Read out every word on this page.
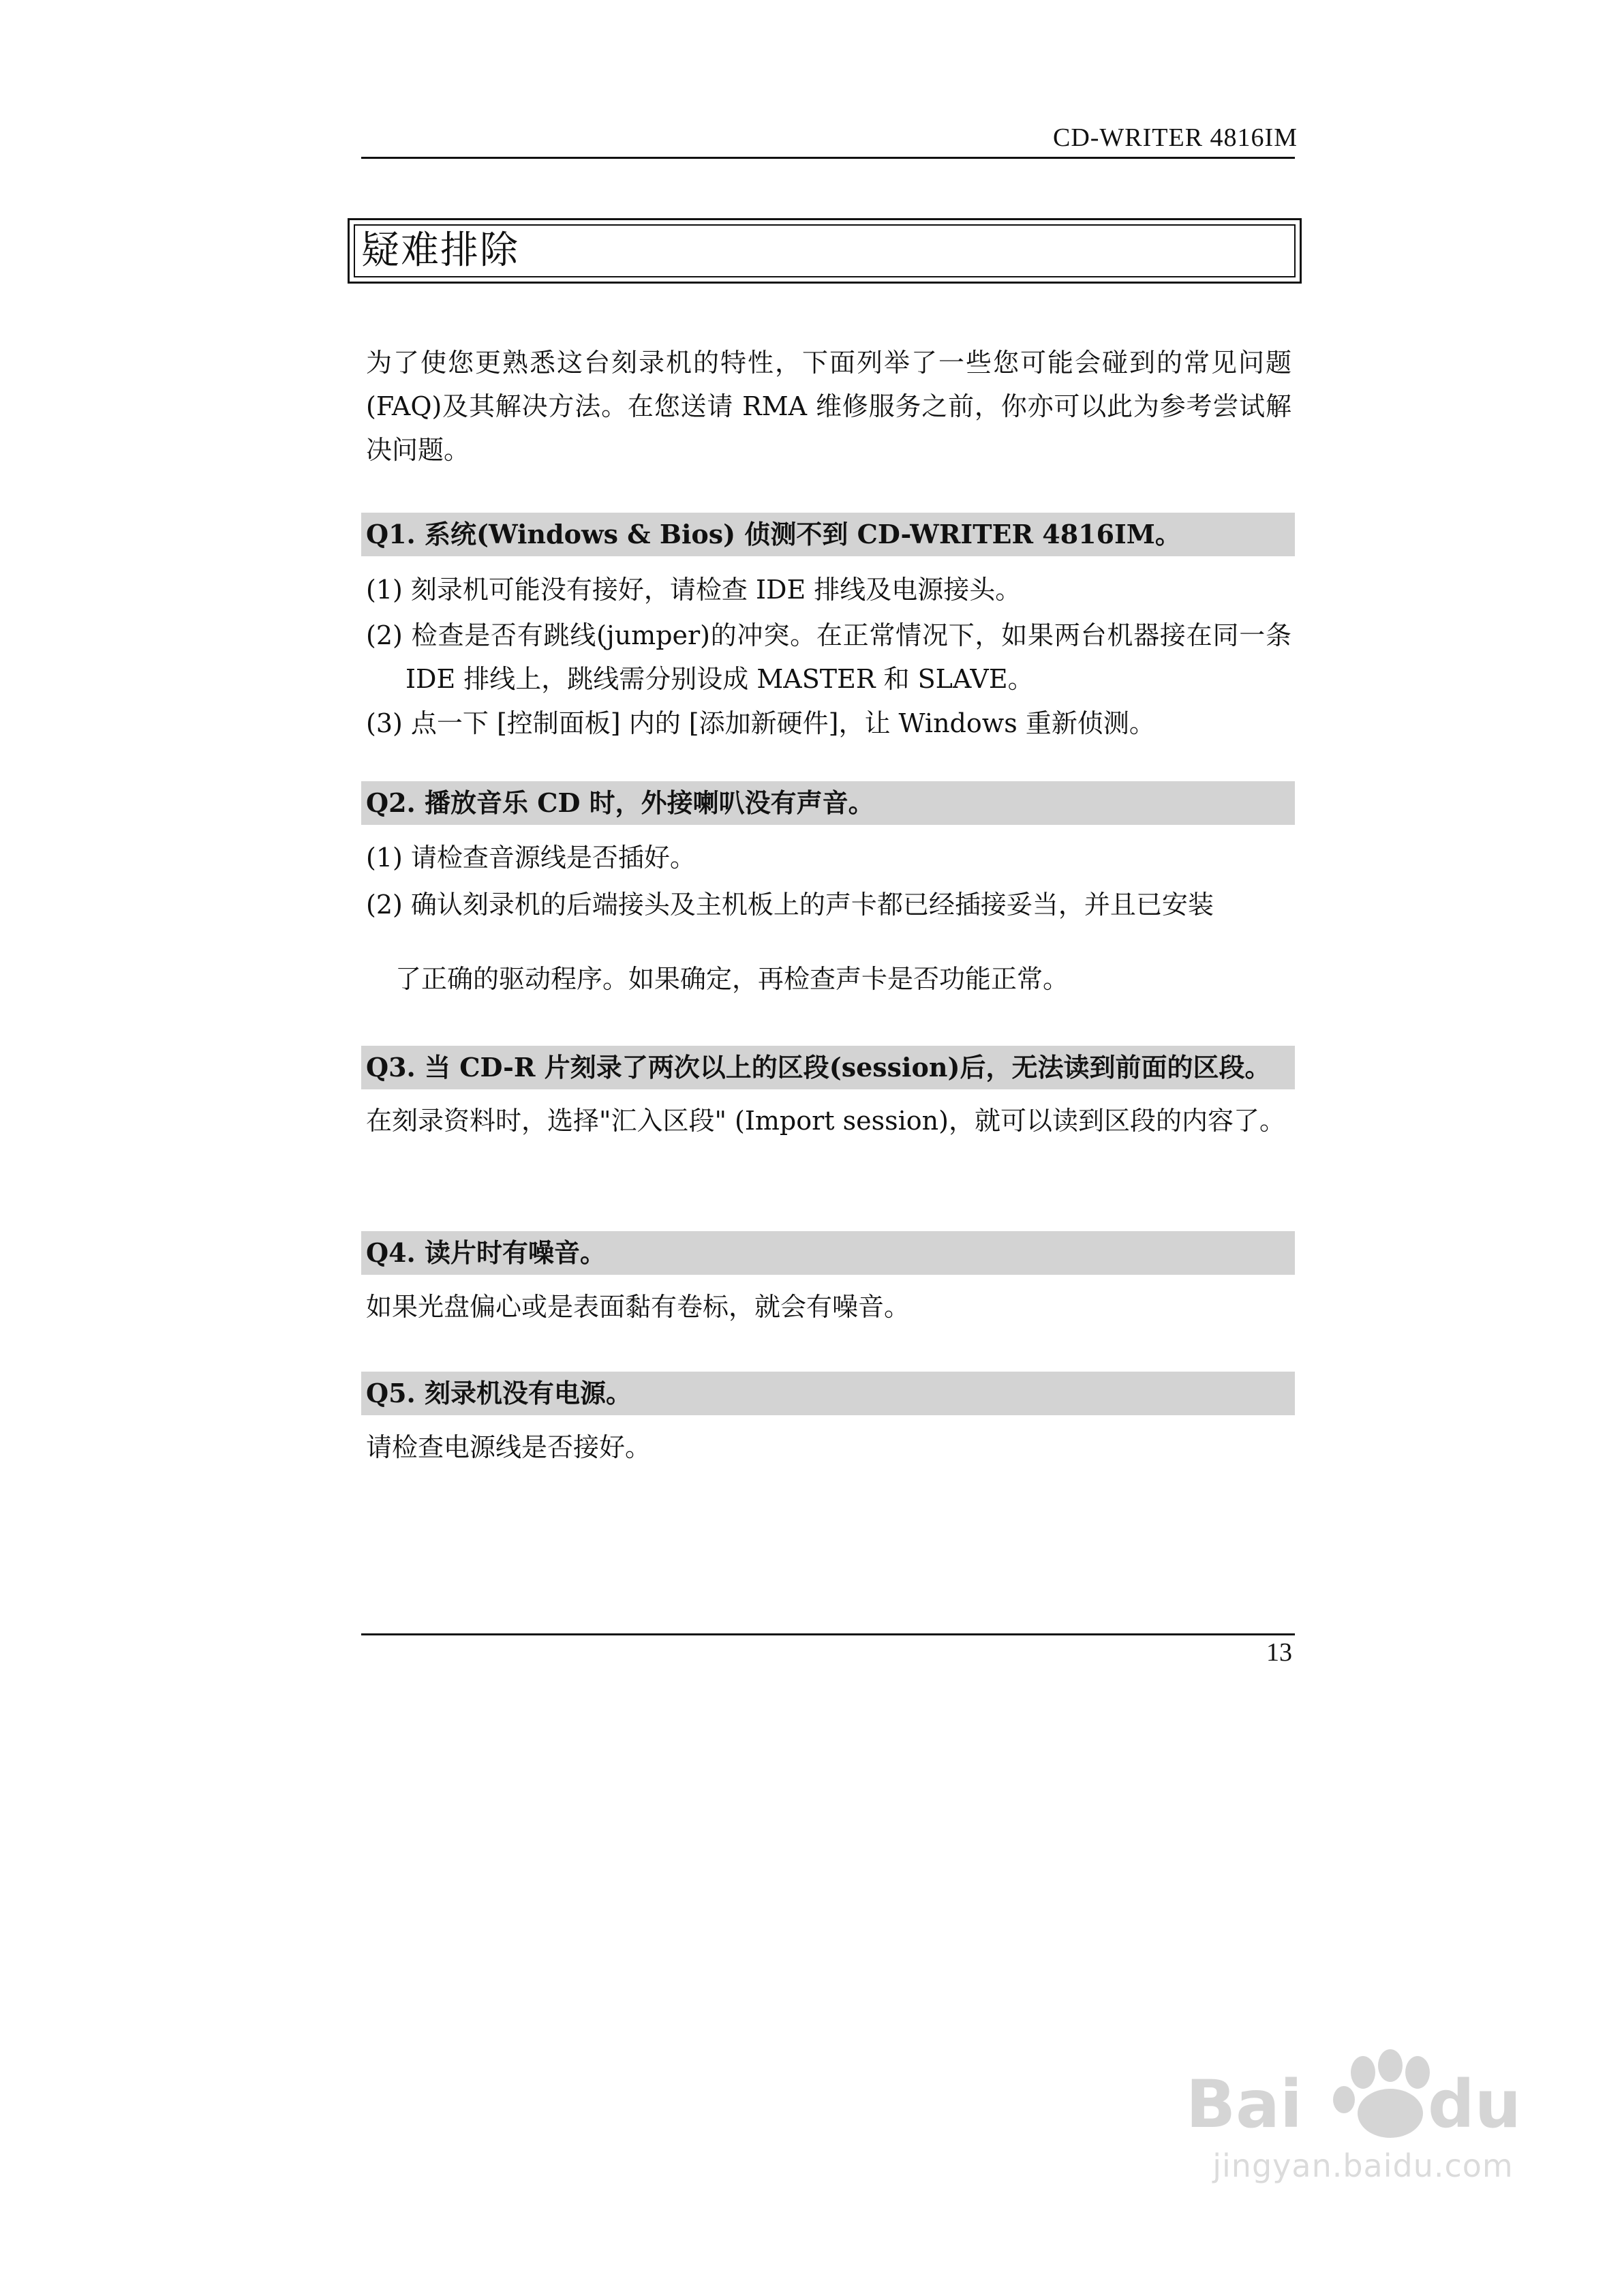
CD-WRITER 4816IM
疑难排除
为了使您更熟悉这台刻录机的特性，下面列举了一些您可能会碰到的常见问题(FAQ)及其解决方法。在您送请 RMA 维修服务之前，你亦可以此为参考尝试解决问题。
Q1. 系统(Windows & Bios) 侦测不到 CD-WRITER 4816IM。
(1) 刻录机可能没有接好，请检查 IDE 排线及电源接头。
(2) 检查是否有跳线(jumper)的冲突。在正常情况下，如果两台机器接在同一条 IDE 排线上，跳线需分别设成 MASTER 和 SLAVE。
(3) 点一下 [控制面板] 内的 [添加新硬件]，让 Windows 重新侦测。
Q2. 播放音乐 CD 时，外接喇叭没有声音。
(1) 请检查音源线是否插好。
(2) 确认刻录机的后端接头及主机板上的声卡都已经插接妥当，并且已安装
了正确的驱动程序。如果确定，再检查声卡是否功能正常。
Q3. 当 CD-R 片刻录了两次以上的区段(session)后，无法读到前面的区段。
在刻录资料时，选择"汇入区段" (Import session)，就可以读到区段的内容了。
Q4. 读片时有噪音。
如果光盘偏心或是表面黏有卷标，就会有噪音。
Q5. 刻录机没有电源。
请检查电源线是否接好。
13
Bai du
jingyan.baidu.com
